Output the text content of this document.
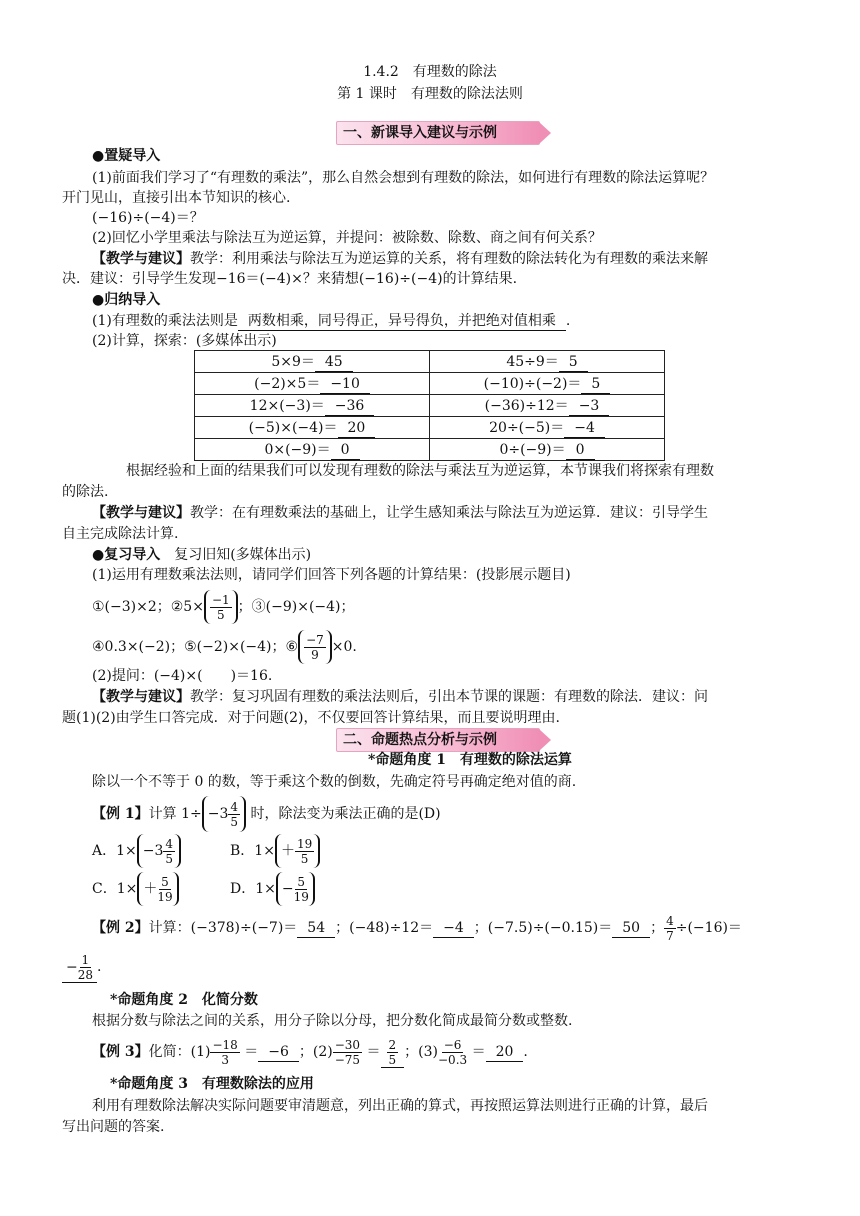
1.4.2　有理数的除法
第 1 课时　有理数的除法法则
一、新课导入建议与示例
●置疑导入
(1)前面我们学习了“有理数的乘法”，那么自然会想到有理数的除法，如何进行有理数的除法运算呢？
开门见山，直接引出本节知识的核心.
(−16)÷(−4)＝？
(2)回忆小学里乘法与除法互为逆运算，并提问：被除数、除数、商之间有何关系？
【教学与建议】教学：利用乘法与除法互为逆运算的关系，将有理数的除法转化为有理数的乘法来解
决．建议：引导学生发现−16＝(−4)×？来猜想(−16)÷(−4)的计算结果.
●归纳导入
(1)有理数的乘法法则是 两数相乘，同号得正，异号得负，并把绝对值相乘 .
(2)计算，探索：(多媒体出示)
5×9＝ 45	45÷9＝ 5
(−2)×5＝ −10	(−10)÷(−2)＝ 5
12×(−3)＝ −36	(−36)÷12＝ −3
(−5)×(−4)＝ 20	20÷(−5)＝ −4
0×(−9)＝ 0	0÷(−9)＝ 0
根据经验和上面的结果我们可以发现有理数的除法与乘法互为逆运算，本节课我们将探索有理数
的除法.
【教学与建议】教学：在有理数乘法的基础上，让学生感知乘法与除法互为逆运算．建议：引导学生
自主完成除法计算.
●复习导入　 复习旧知(多媒体出示)
(1)运用有理数乘法法则，请同学们回答下列各题的计算结果：(投影展示题目)
①(−3)×2；②5× $\frac{-1}{5}$ ；③(−9)×(−4)；
④0.3×(−2)；⑤(−2)×(−4)；⑥ $\frac{-7}{9} \times 0$.
(2)提问：(−4)×(　　)＝16.
【教学与建议】教学：复习巩固有理数的乘法法则后，引出本节课的课题：有理数的除法．建议：问
题(1)(2)由学生口答完成．对于问题(2)，不仅要回答计算结果，而且要说明理由.
二、命题热点分析与示例
*命题角度 1　有理数的除法运算
除以一个不等于 0 的数，等于乘这个数的倒数，先确定符号再确定绝对值的商.
【例 1】计算 $1\div -3 \frac{4}{5}$ 时，除法变为乘法正确的是(D)
A．$1\times -3 \frac{4}{5}$	B．$1\times + \frac{19}{5}$
C．$1\times + \frac{5}{19}$	D．$1\times - \frac{5}{19}$
【例 2】计算：(−378)÷(−7)＝ 54 ；(−48)÷12＝ −4 ；(−7.5)÷(−0.15)＝ 50 ； $\frac{4}{7} \div(-16)=$
− $\frac{1}{28}$ .
*命题角度 2　化简分数
根据分数与除法之间的关系，用分子除以分母，把分数化简成最简分数或整数.
【例 3】化简：$(1) \frac{-18}{3} = -6$ ；$(2) \frac{-30}{-75} = \frac{2}{5}$ ；$(3) \frac{-6}{-0.3} = 20$ .
*命题角度 3　有理数除法的应用
利用有理数除法解决实际问题要审清题意，列出正确的算式，再按照运算法则进行正确的计算，最后
写出问题的答案.
